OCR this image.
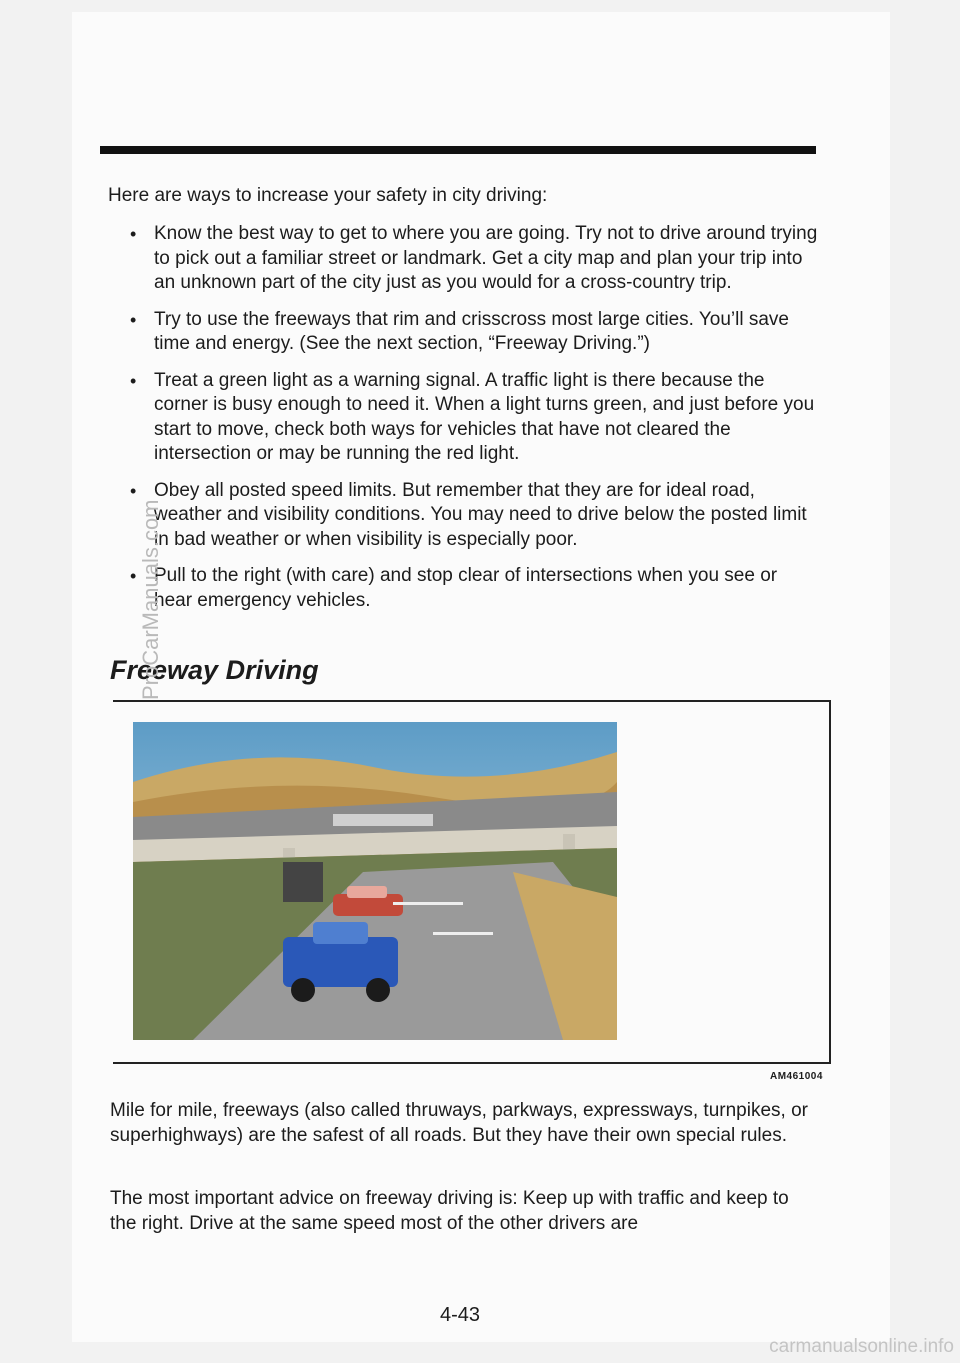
Here are ways to increase your safety in city driving:

• Know the best way to get to where you are going. Try not to drive around trying to pick out a familiar street or landmark. Get a city map and plan your trip into an unknown part of the city just as you would for a cross-country trip.
• Try to use the freeways that rim and crisscross most large cities. You’ll save time and energy. (See the next section, “Freeway Driving.”)
• Treat a green light as a warning signal. A traffic light is there because the corner is busy enough to need it. When a light turns green, and just before you start to move, check both ways for vehicles that have not cleared the intersection or may be running the red light.
• Obey all posted speed limits. But remember that they are for ideal road, weather and visibility conditions. You may need to drive below the posted limit in bad weather or when visibility is especially poor.
• Pull to the right (with care) and stop clear of intersections when you see or hear emergency vehicles.
Freeway Driving
AM461004

Mile for mile, freeways (also called thruways, parkways, expressways, turnpikes, or superhighways) are the safest of all roads. But they have their own special rules.

The most important advice on freeway driving is: Keep up with traffic and keep to the right. Drive at the same speed most of the other drivers are

4-43
ProCarManuals.com
carmanualsonline.info
